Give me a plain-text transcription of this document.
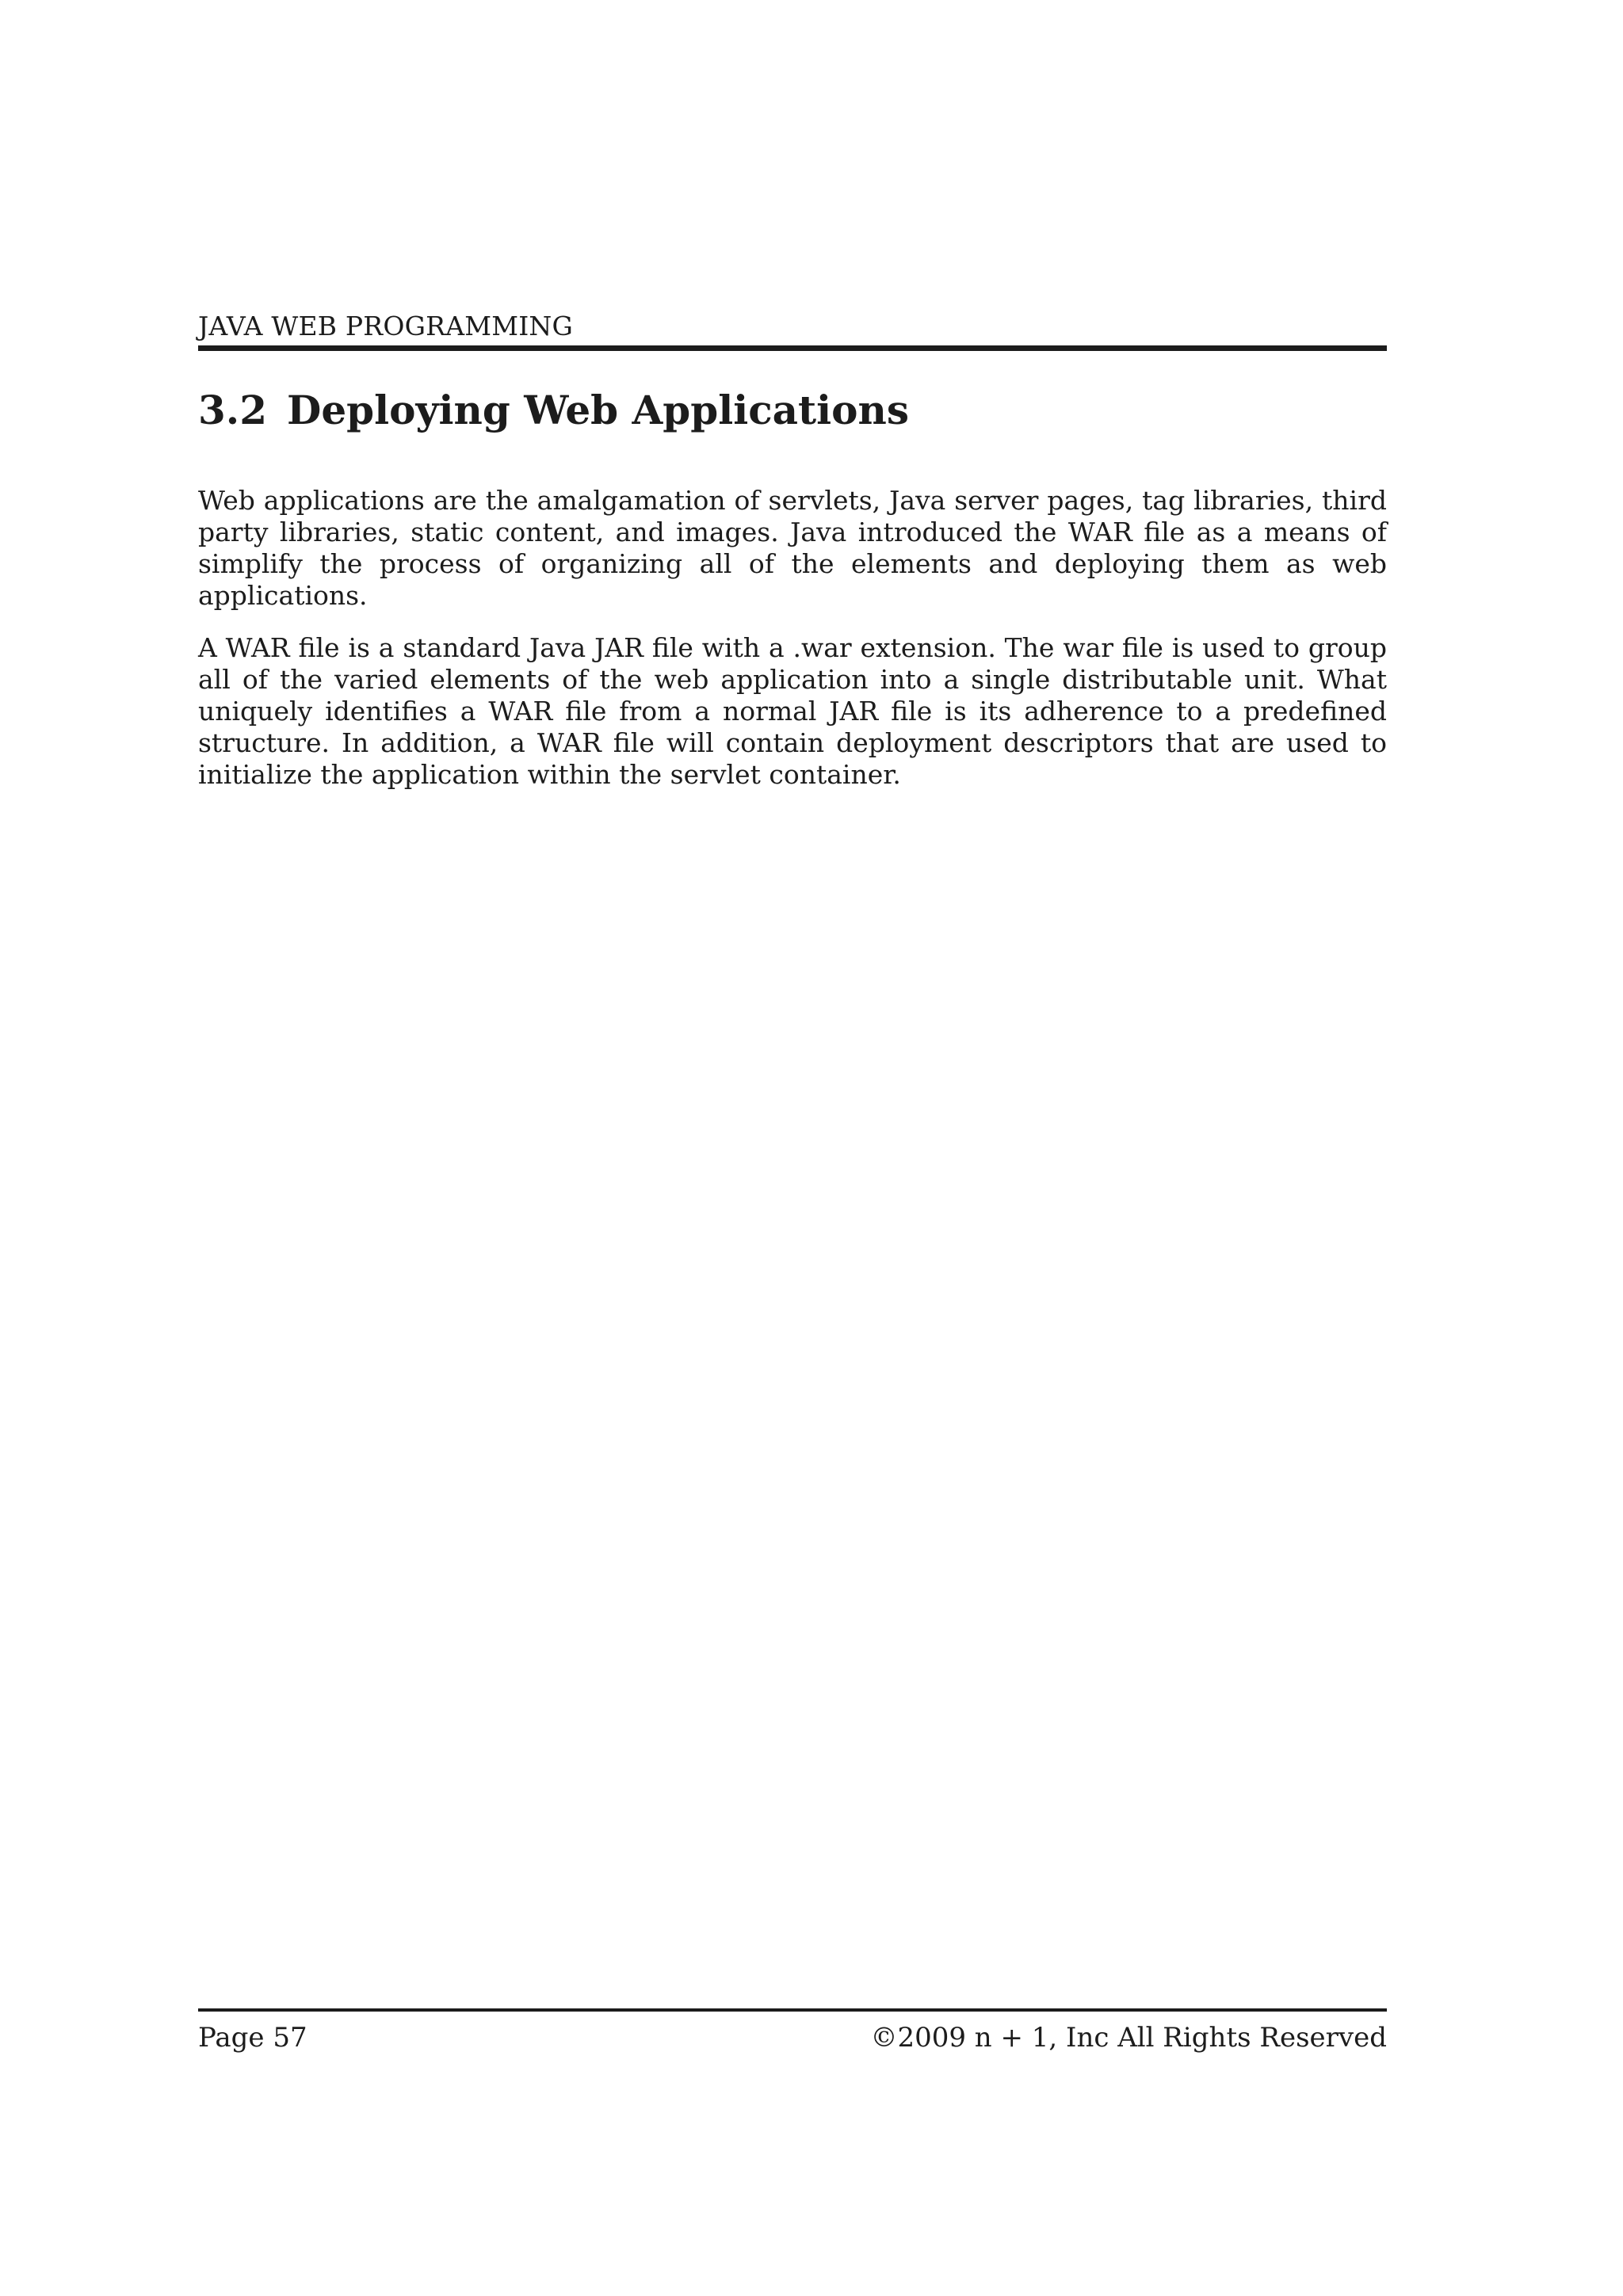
JAVA WEB PROGRAMMING
3.2 Deploying Web Applications

Web applications are the amalgamation of servlets, Java server pages, tag libraries, third party libraries, static content, and images. Java introduced the WAR file as a means of simplify the process of organizing all of the elements and deploying them as web applications.

A WAR file is a standard Java JAR file with a .war extension. The war file is used to group all of the varied elements of the web application into a single distributable unit. What uniquely identifies a WAR file from a normal JAR file is its adherence to a predefined structure. In addition, a WAR file will contain deployment descriptors that are used to initialize the application within the servlet container.

Page 57	©2009 n + 1, Inc All Rights Reserved
